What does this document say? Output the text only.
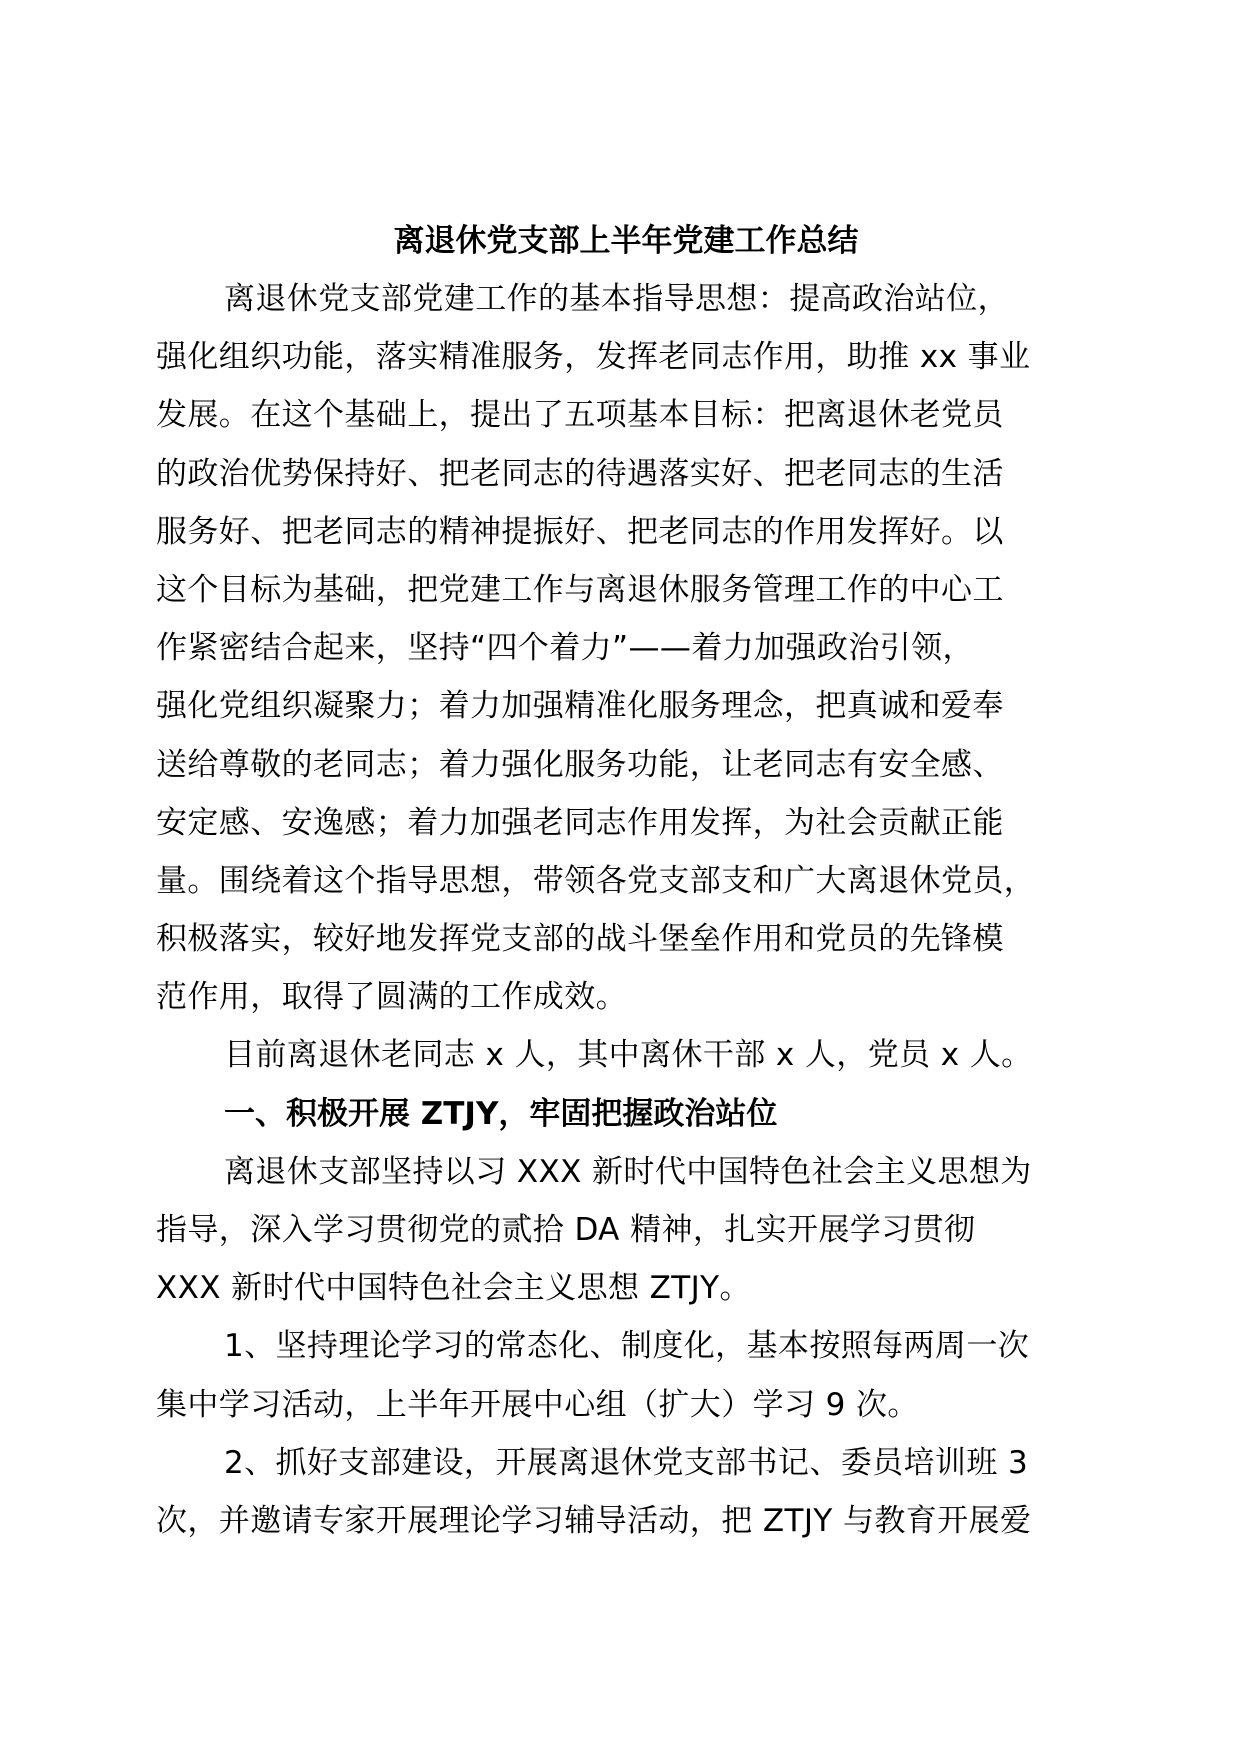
离退休党支部上半年党建工作总结

离退休党支部党建工作的基本指导思想：提高政治站位，
强化组织功能，落实精准服务，发挥老同志作用，助推 xx 事业
发展。在这个基础上，提出了五项基本目标：把离退休老党员
的政治优势保持好、把老同志的待遇落实好、把老同志的生活
服务好、把老同志的精神提振好、把老同志的作用发挥好。以
这个目标为基础，把党建工作与离退休服务管理工作的中心工
作紧密结合起来，坚持“四个着力”——着力加强政治引领，
强化党组织凝聚力；着力加强精准化服务理念，把真诚和爱奉
送给尊敬的老同志；着力强化服务功能，让老同志有安全感、
安定感、安逸感；着力加强老同志作用发挥，为社会贡献正能
量。围绕着这个指导思想，带领各党支部支和广大离退休党员，
积极落实，较好地发挥党支部的战斗堡垒作用和党员的先锋模
范作用，取得了圆满的工作成效。

目前离退休老同志 x 人，其中离休干部 x 人，党员 x 人。

一、积极开展 ZTJY，牢固把握政治站位

离退休支部坚持以习 XXX 新时代中国特色社会主义思想为
指导，深入学习贯彻党的贰拾 DA 精神，扎实开展学习贯彻
XXX 新时代中国特色社会主义思想 ZTJY。

1、坚持理论学习的常态化、制度化，基本按照每两周一次
集中学习活动，上半年开展中心组（扩大）学习 9 次。

2、抓好支部建设，开展离退休党支部书记、委员培训班 3
次，并邀请专家开展理论学习辅导活动，把 ZTJY 与教育开展爱
